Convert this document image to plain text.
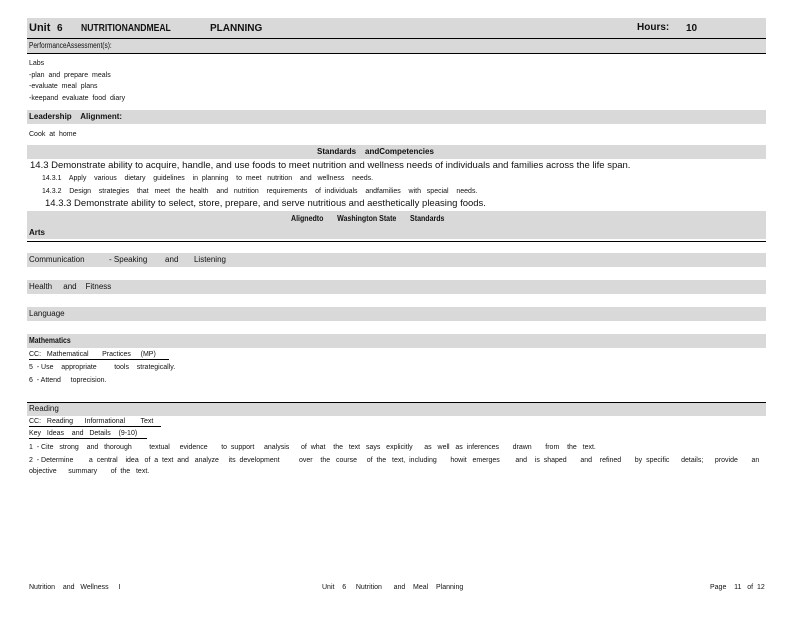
Unit 6 NUTRITIONANDMEAL	PLANNING	Hours: 10
PerformanceAssessment(s):
Labs
-plan  and  prepare  meals
-evaluate  meal  plans
-keepand  evaluate  food  diary
Leadership    Alignment:
Cook  at  home
Standards    andCompetencies
14.3 Demonstrate ability to acquire, handle, and use foods to meet nutrition and wellness needs of individuals and families across the life span.
14.3.1    Apply    various    dietary    guidelines    in  planning    to  meet   nutrition    and   wellness    needs.
14.3.2    Design    strategies    that   meet   the  health    and   nutrition    requirements    of  individuals    andfamilies    with   special    needs.
14.3.3 Demonstrate ability to select, store, prepare, and serve nutritious and aesthetically pleasing foods.
Alignedto       Washington State       Standards
Arts
Communication           - Speaking        and       Listening
Health     and    Fitness
Language
Mathematics
CC:   Mathematical       Practices     (MP)
5  - Use    appropriate         tools    strategically.
6  - Attend     toprecision.
Reading
CC:   Reading      Informational        Text
Key   Ideas    and   Details    (9-10)
1  - Cite   strong    and   thorough         textual     evidence       to  support     analysis      of  what    the   text   says   explicitly      as   well   as  inferences       drawn       from    the   text.
2  - Determine        a  central    idea   of  a  text  and   analyze     its  development          over    the   course     of  the   text,  including       howit   emerges        and    is  shaped       and    refined       by  specific      details;      provide       an
objective      summary       of  the   text.
Nutrition    and   Wellness     I	Unit    6     Nutrition      and    Meal    Planning	Page    11   of  12
